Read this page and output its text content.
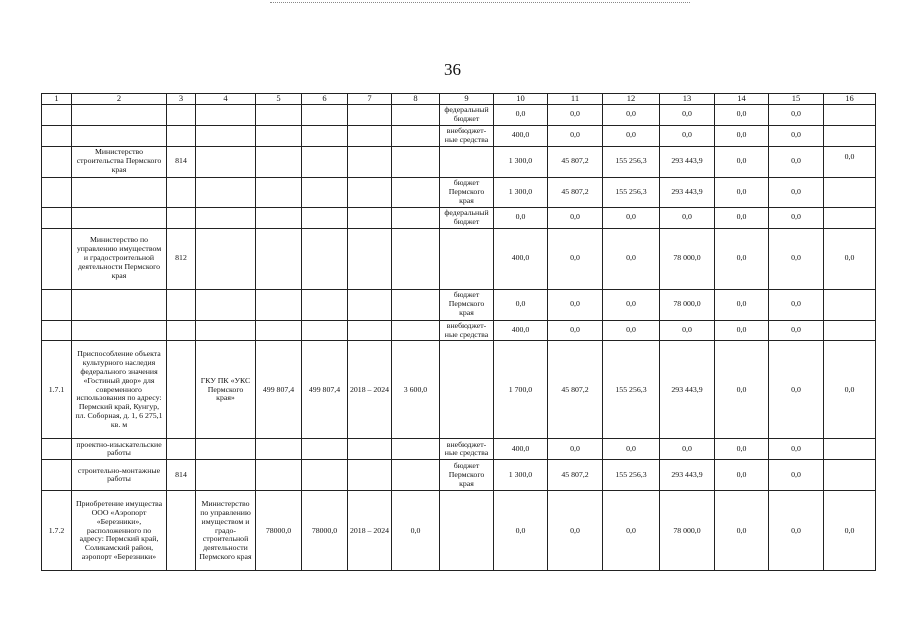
36
1	2	3	4	5	6	7	8	9	10	11	12	13	14	15	16
								федеральный бюджет	0,0	0,0	0,0	0,0	0,0	0,0	
								внебюджет-ные средства	400,0	0,0	0,0	0,0	0,0	0,0	
	Министерство строительства Пермского края	814							1 300,0	45 807,2	155 256,3	293 443,9	0,0	0,0	0,0
								бюджет Пермского края	1 300,0	45 807,2	155 256,3	293 443,9	0,0	0,0	
								федеральный бюджет	0,0	0,0	0,0	0,0	0,0	0,0	
	Министерство по управлению имуществом и градостроительной деятельности Пермского края	812							400,0	0,0	0,0	78 000,0	0,0	0,0	0,0
								бюджет Пермского края	0,0	0,0	0,0	78 000,0	0,0	0,0	
								внебюджет-ные средства	400,0	0,0	0,0	0,0	0,0	0,0	
1.7.1	Приспособление объекта культурного наследия федерального значения «Гостиный двор» для современного использования по адресу: Пермский край, Кунгур, пл. Соборная, д. 1, 6 275,1 кв. м		ГКУ ПК «УКС Пермского края»	499 807,4	499 807,4	2018 – 2024	3 600,0		1 700,0	45 807,2	155 256,3	293 443,9	0,0	0,0	0,0
	проектно-изыскательские работы							внебюджет-ные средства	400,0	0,0	0,0	0,0	0,0	0,0	
	строительно-монтажные работы	814						бюджет Пермского края	1 300,0	45 807,2	155 256,3	293 443,9	0,0	0,0	
1.7.2	Приобретение имущества ООО «Аэропорт «Березники», расположенного по адресу: Пермский край, Соликамский район, аэропорт «Березники»		Министерство по управлению имуществом и градо-строительной деятельности Пермского края	78000,0	78000,0	2018 – 2024	0,0		0,0	0,0	0,0	78 000,0	0,0	0,0	0,0
